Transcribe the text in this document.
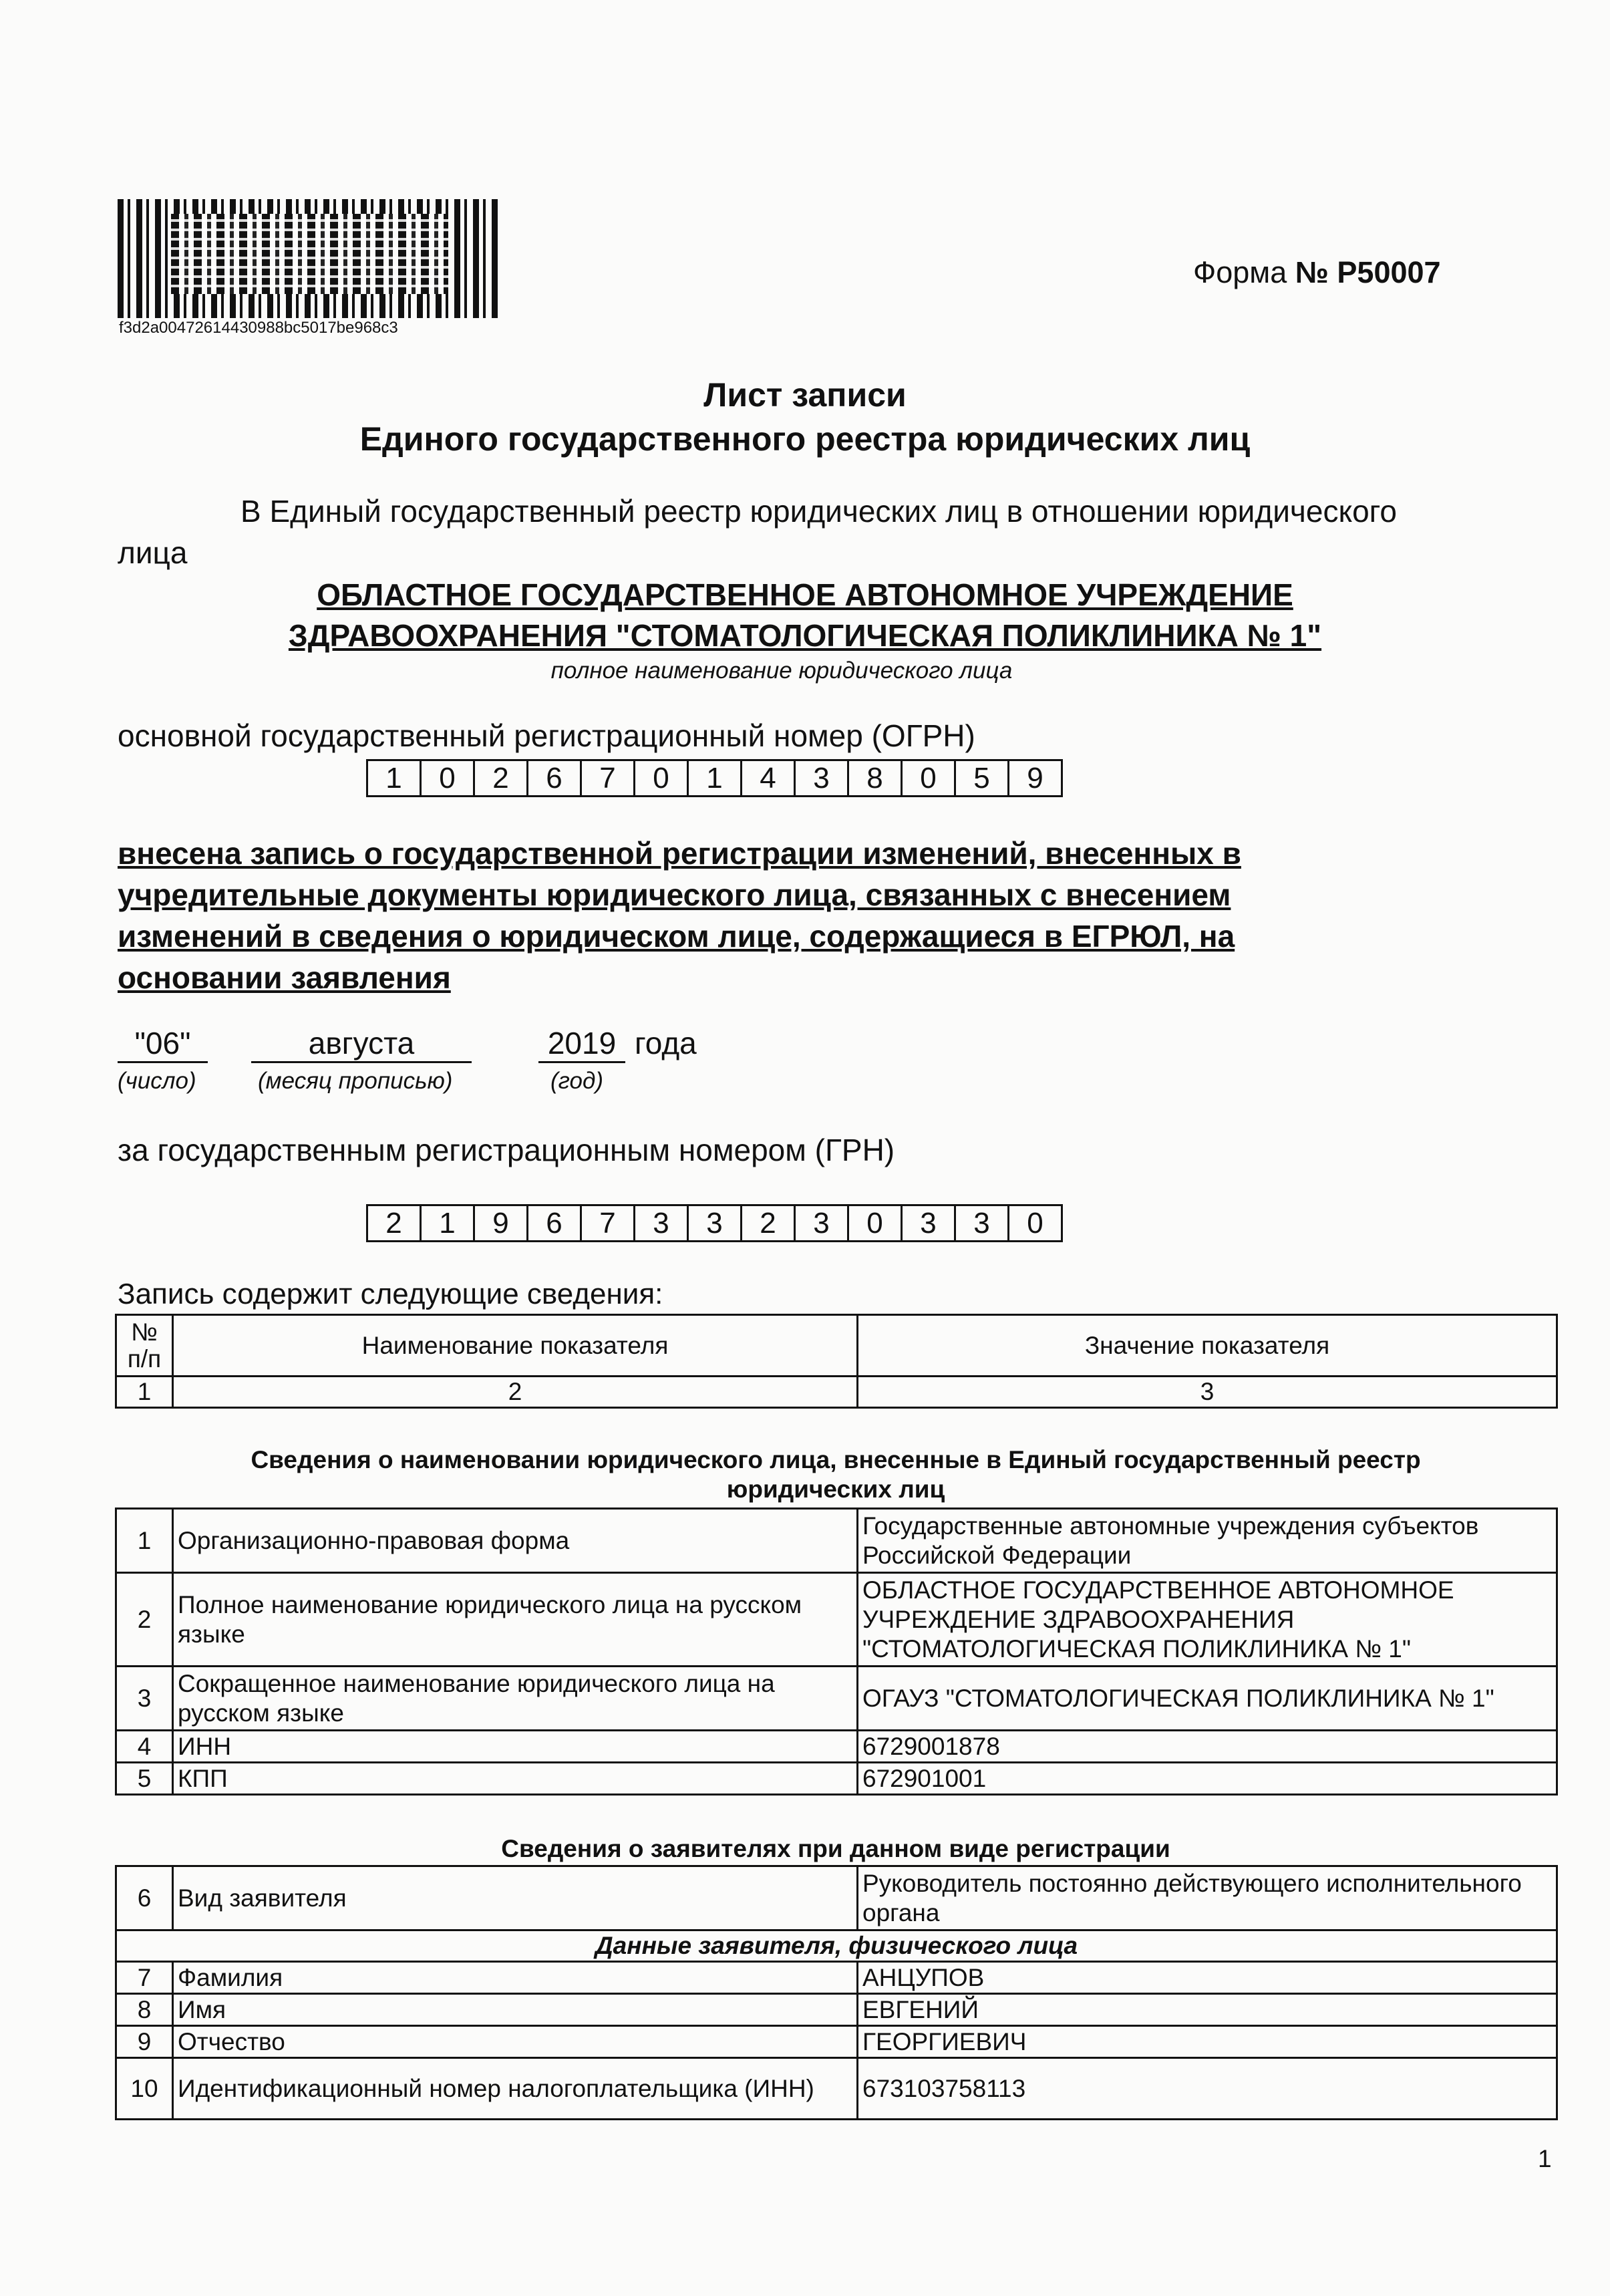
f3d2a00472614430988bc5017be968c3
Форма № Р50007
Лист записи
Единого государственного реестра юридических лиц
В Единый государственный реестр юридических лиц в отношении юридического
лица
ОБЛАСТНОЕ ГОСУДАРСТВЕННОЕ АВТОНОМНОЕ УЧРЕЖДЕНИЕ
ЗДРАВООХРАНЕНИЯ "СТОМАТОЛОГИЧЕСКАЯ ПОЛИКЛИНИКА № 1"
полное наименование юридического лица
основной государственный регистрационный номер (ОГРН)
1	0	2	6	7	0	1	4	3	8	0	5	9
внесена запись о государственной регистрации изменений, внесенных в
учредительные документы юридического лица, связанных с внесением
изменений в сведения о юридическом лице, содержащиеся в ЕГРЮЛ, на
основании заявления
"06"	августа	2019 года
(число)	(месяц прописью)	(год)
за государственным регистрационным номером (ГРН)
2	1	9	6	7	3	3	2	3	0	3	3	0
Запись содержит следующие сведения:
№
п/п	Наименование показателя	Значение показателя
1	2	3
Сведения о наименовании юридического лица, внесенные в Единый государственный реестр
юридических лиц
1	Организационно-правовая форма	Государственные автономные учреждения субъектов Российской Федерации
2	Полное наименование юридического лица на русском языке	ОБЛАСТНОЕ ГОСУДАРСТВЕННОЕ АВТОНОМНОЕ УЧРЕЖДЕНИЕ ЗДРАВООХРАНЕНИЯ "СТОМАТОЛОГИЧЕСКАЯ ПОЛИКЛИНИКА № 1"
3	Сокращенное наименование юридического лица на русском языке	ОГАУЗ "СТОМАТОЛОГИЧЕСКАЯ ПОЛИКЛИНИКА № 1"
4	ИНН	6729001878
5	КПП	672901001
Сведения о заявителях при данном виде регистрации
6	Вид заявителя	Руководитель постоянно действующего исполнительного органа
Данные заявителя, физического лица		
7	Фамилия	АНЦУПОВ
8	Имя	ЕВГЕНИЙ
9	Отчество	ГЕОРГИЕВИЧ
10	Идентификационный номер налогоплательщика (ИНН)	673103758113
1
